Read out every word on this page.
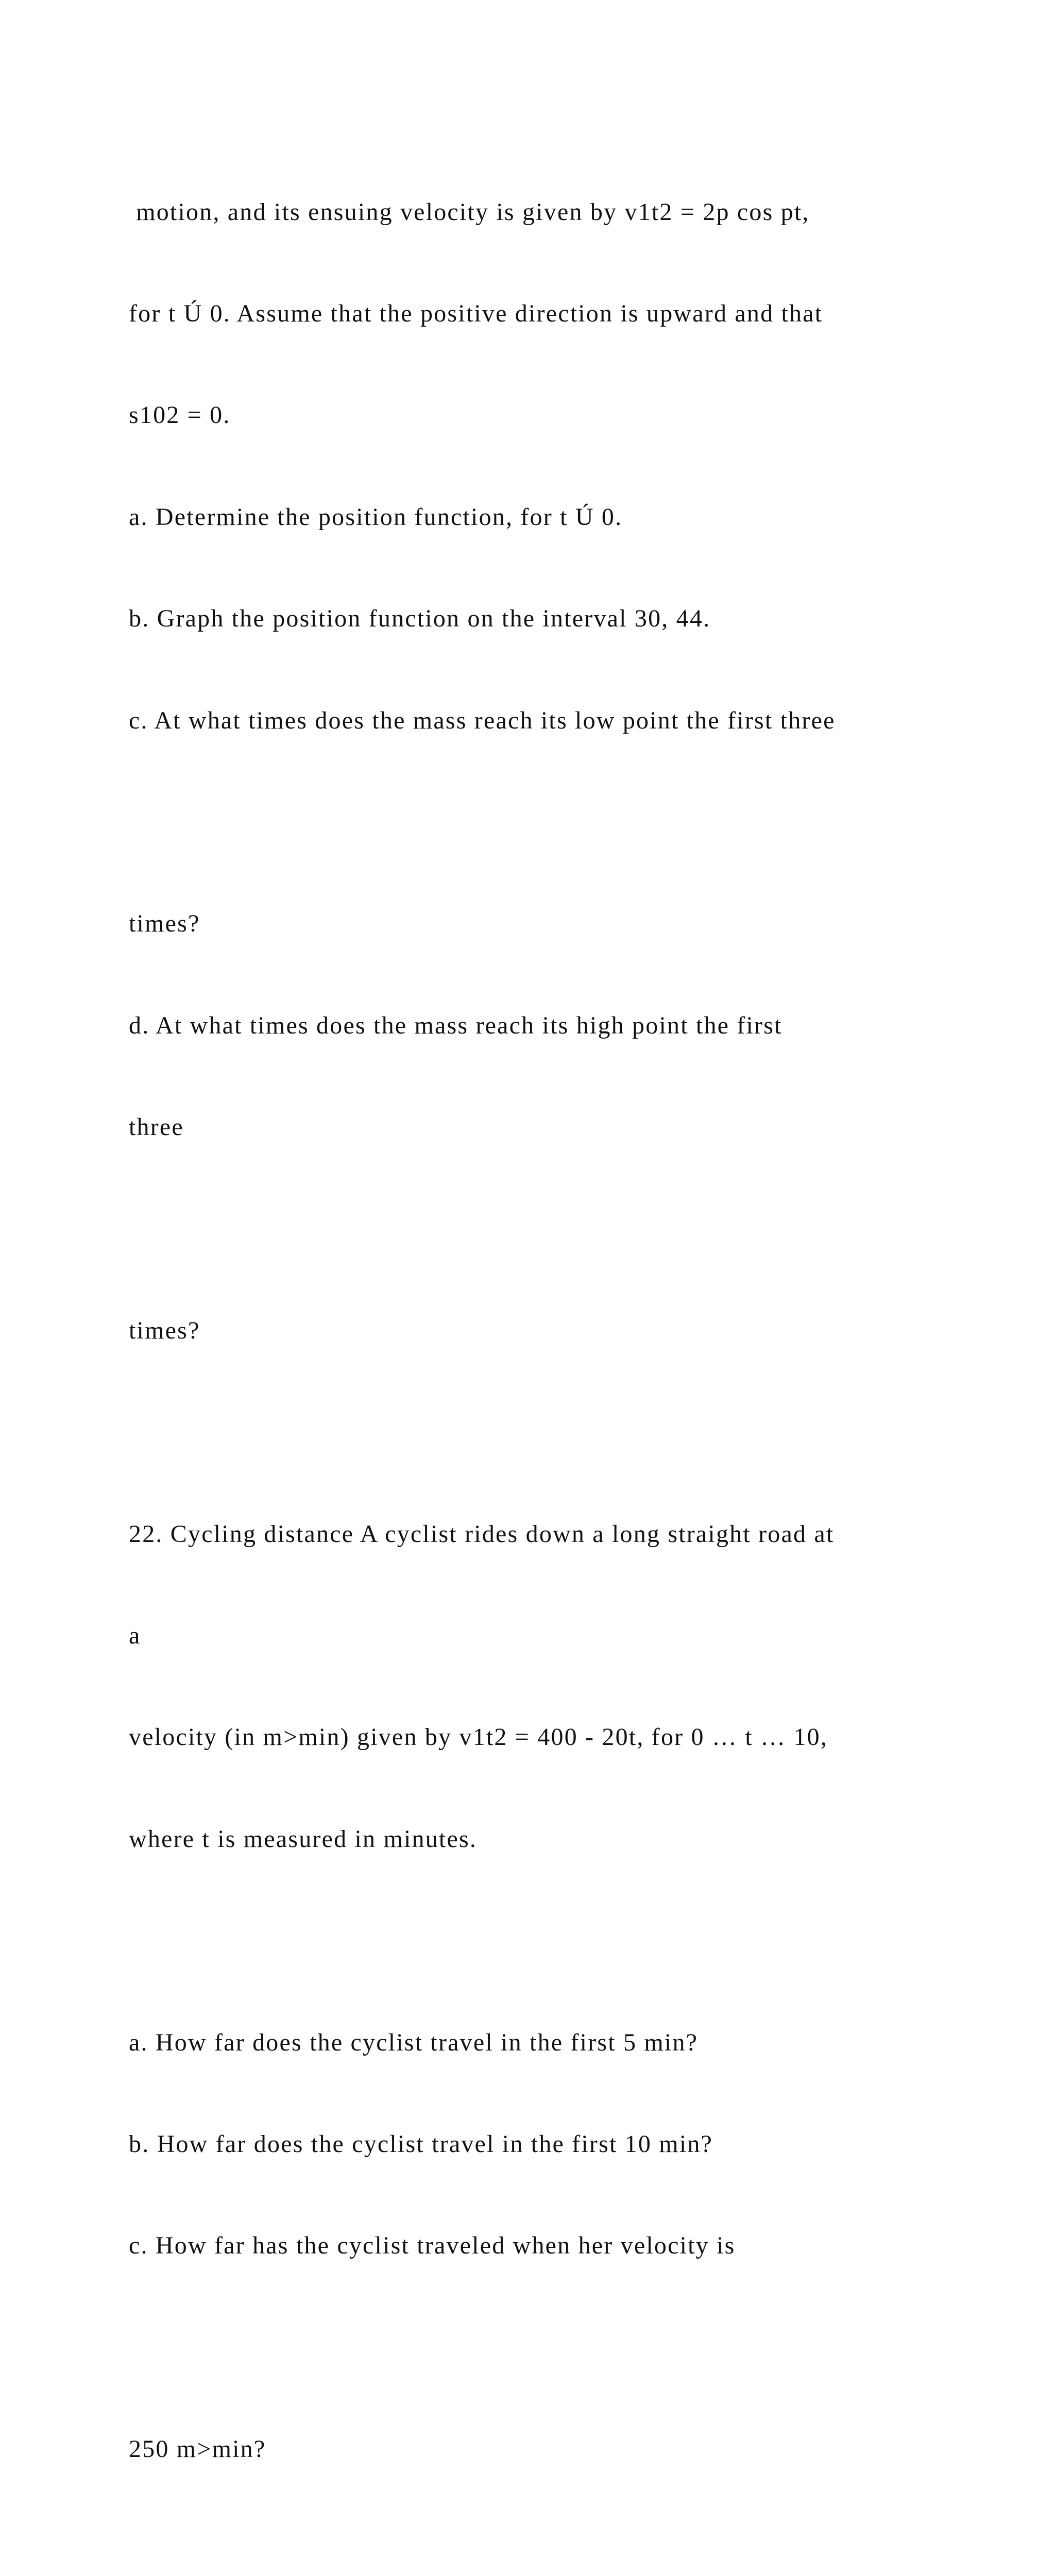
motion, and its ensuing velocity is given by v1t2 = 2p cos pt,

for t Ú 0. Assume that the positive direction is upward and that

s102 = 0.

a. Determine the position function, for t Ú 0.

b. Graph the position function on the interval 30, 44.

c. At what times does the mass reach its low point the first three

times?

d. At what times does the mass reach its high point the first

three

times?

22. Cycling distance A cyclist rides down a long straight road at

a

velocity (in m>min) given by v1t2 = 400 - 20t, for 0 … t … 10,

where t is measured in minutes.

a. How far does the cyclist travel in the first 5 min?

b. How far does the cyclist travel in the first 10 min?

c. How far has the cyclist traveled when her velocity is

250 m>min?
